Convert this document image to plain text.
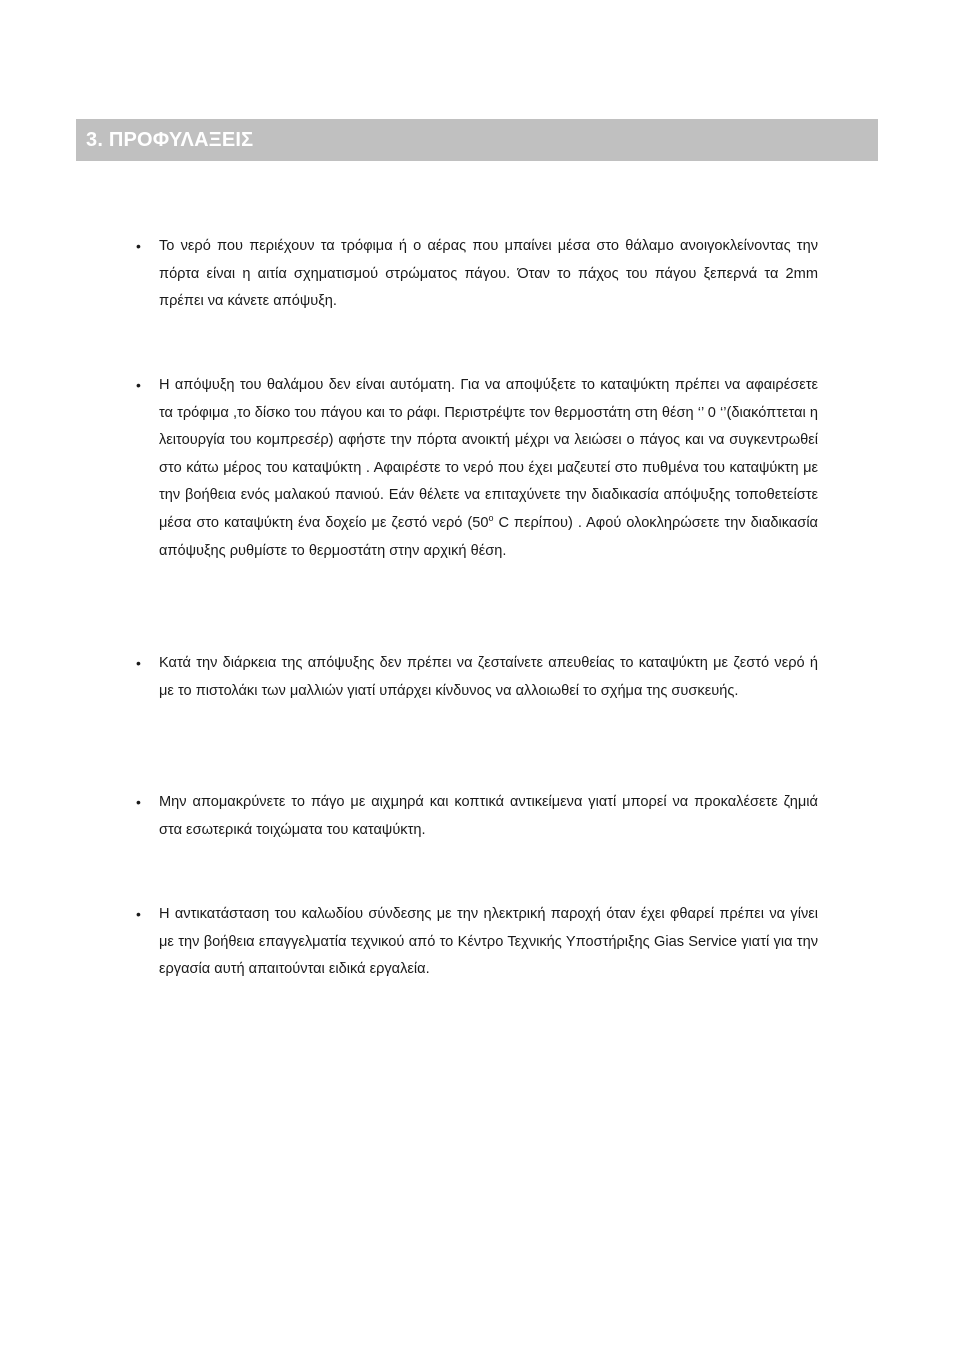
3. ΠΡΟΦΥΛΑΞΕΙΣ
• Το νερό που περιέχουν τα τρόφιμα ή ο αέρας που μπαίνει μέσα στο θάλαμο ανοιγοκλείνοντας την πόρτα είναι η αιτία σχηματισμού στρώματος πάγου. Όταν το πάχος του πάγου ξεπερνά τα 2mm πρέπει να κάνετε απόψυξη.
• Η απόψυξη του θαλάμου δεν είναι αυτόματη. Για να αποψύξετε το καταψύκτη πρέπει να αφαιρέσετε τα τρόφιμα ,το δίσκο του πάγου και το ράφι. Περιστρέψτε τον θερμοστάτη στη θέση ‘’ 0 ‘’(διακόπτεται η λειτουργία του κομπρεσέρ) αφήστε την πόρτα ανοικτή μέχρι να λειώσει ο πάγος και να συγκεντρωθεί στο κάτω μέρος του καταψύκτη . Αφαιρέστε το νερό που έχει μαζευτεί στο πυθμένα του καταψύκτη με την βοήθεια ενός μαλακού πανιού. Εάν θέλετε να επιταχύνετε την διαδικασία απόψυξης τοποθετείστε μέσα στο καταψύκτη ένα δοχείο με ζεστό νερό (50$^o$ C περίπου) . Αφού ολοκληρώσετε την διαδικασία απόψυξης ρυθμίστε το θερμοστάτη στην αρχική θέση.
• Κατά την διάρκεια της απόψυξης δεν πρέπει να ζεσταίνετε απευθείας το καταψύκτη με ζεστό νερό ή με το πιστολάκι των μαλλιών γιατί υπάρχει κίνδυνος να αλλοιωθεί το σχήμα της συσκευής.
• Μην απομακρύνετε το πάγο με αιχμηρά και κοπτικά αντικείμενα γιατί μπορεί να προκαλέσετε ζημιά στα εσωτερικά τοιχώματα του καταψύκτη.
• Η αντικατάσταση του καλωδίου σύνδεσης με την ηλεκτρική παροχή όταν έχει φθαρεί πρέπει να γίνει με την βοήθεια επαγγελματία τεχνικού από το Κέντρο Τεχνικής Υποστήριξης Gias Service γιατί για την εργασία αυτή απαιτούνται ειδικά εργαλεία.
